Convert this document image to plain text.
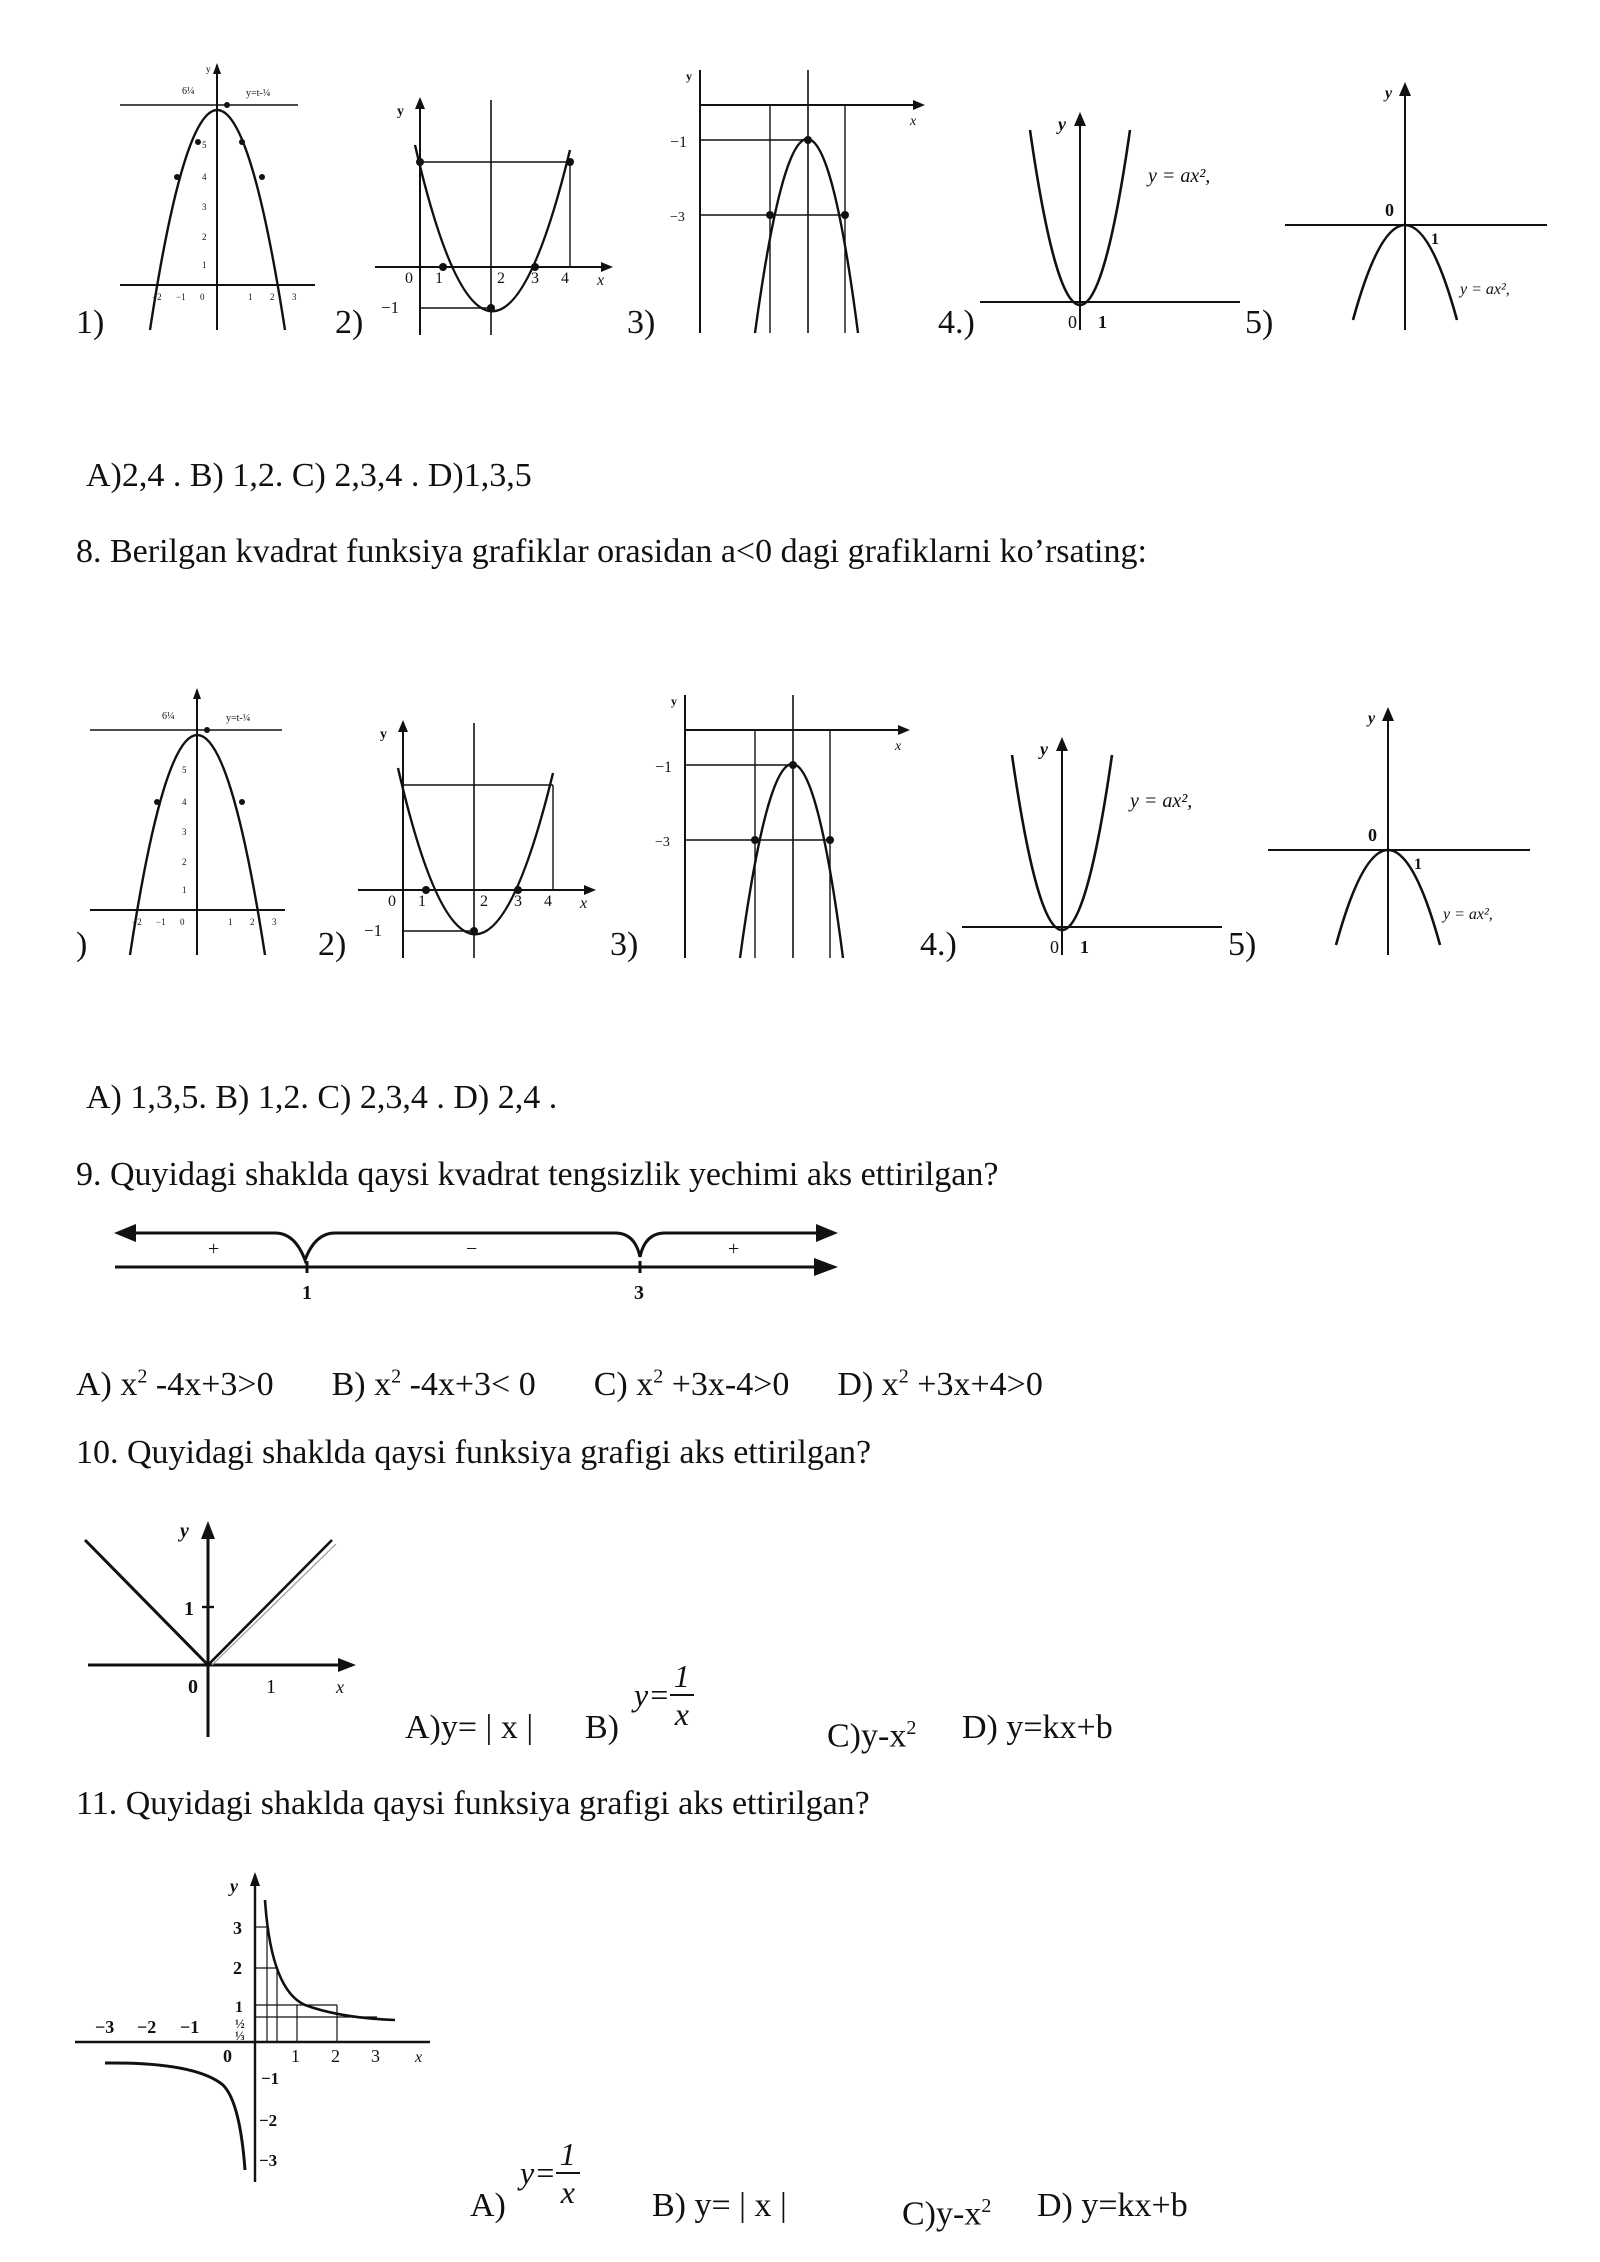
1)	2)	3)	4.)	5)
y
y=t-¼
6¼
5
4
3
2
1
−2 −1 0	1 2 3
y
x
0 1	2 3 4
−1
y
x
−1
−3
y
y = ax²,
0 1
y
0
1
y = ax²,
A)2,4 . B) 1,2. C) 2,3,4 . D)1,3,5
8. Berilgan kvadrat funksiya grafiklar orasidan a<0 dagi grafiklarni ko’rsating:
)	2)	3)	4.)	5)
y=t-¼
6¼
5
4
3
2
1
−2 −1 0	1 2 3
y
x
0 1	2 3 4
−1
y
x
−1
−3
y
y = ax²,
0 1
y
0
1
y = ax²,
A) 1,3,5. B) 1,2. C) 2,3,4 . D) 2,4 .
9. Quyidagi shaklda qaysi kvadrat tengsizlik yechimi aks ettirilgan?
+	−	+
1	3
A) $x^2$ -4x+3>0 B) $x^2$ -4x+3< 0 C) $x^2 +3x-4>0$ D) $x^2 +3x+4>0$
10. Quyidagi shaklda qaysi funksiya grafigi aks ettirilgan?
y
1
0	1	x
A)y= | x | B)
$y= \frac{1}{x}$
$C)y-x^2$ D) y=kx+b
11. Quyidagi shaklda qaysi funksiya grafigi aks ettirilgan?
y
3
2
1
½
⅓
−3 −2 −1
0	1 2 3 x
−1
−2
−3
A)
$y= \frac{1}{x} B$) y= | x |	$C)y-x^2$ D) y=kx+b
